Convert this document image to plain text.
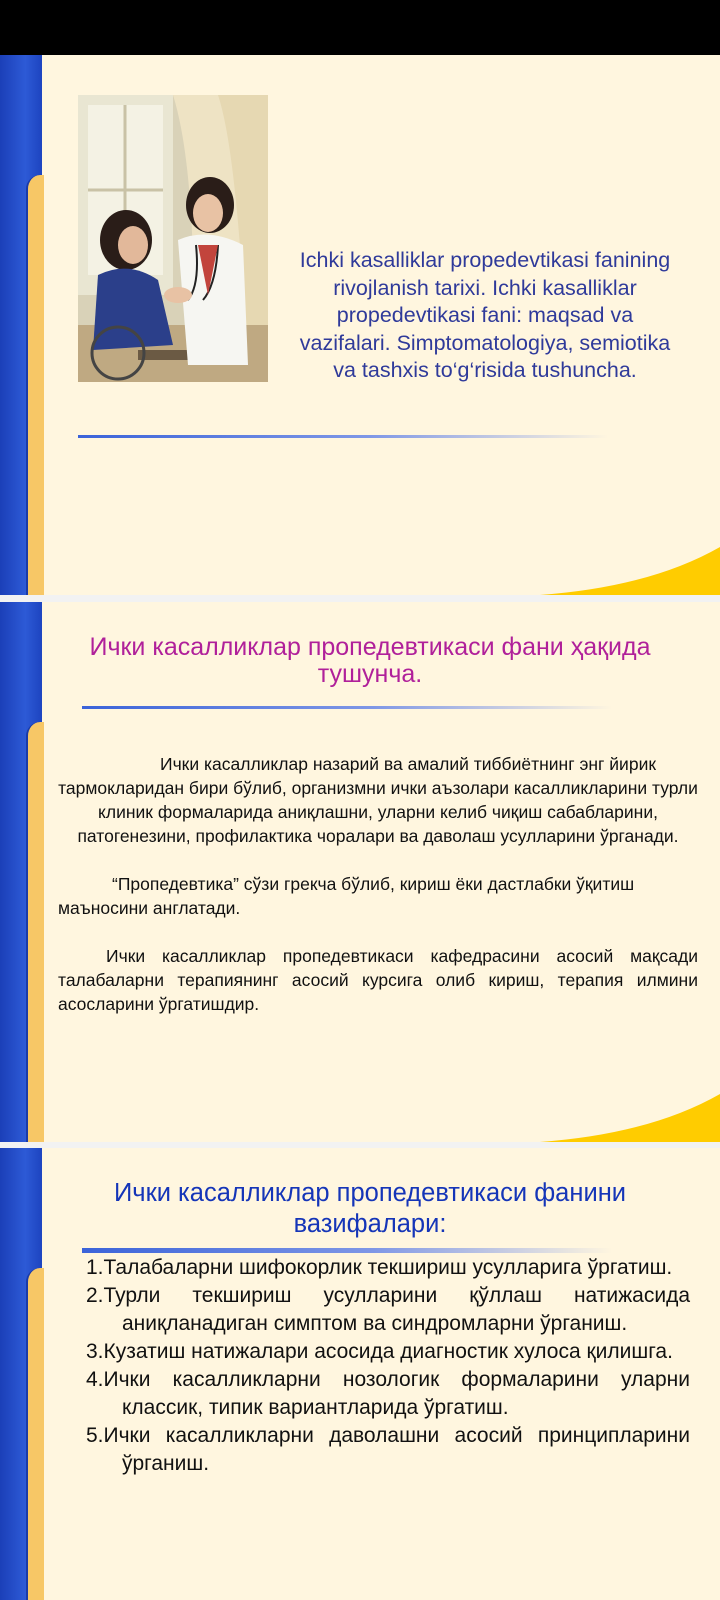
Ichki kasalliklar propedevtikasi fanining rivojlanish tarixi. Ichki kasalliklar propedevtikasi fani: maqsad va vazifalari. Simptomatologiya, semiotika va tashxis to‘g‘risida tushuncha.
Ички касалликлар пропедевтикаси фани ҳақида тушунча.

Ички касалликлар назарий ва амалий тиббиётнинг энг йирик тармокларидан бири бўлиб, организмни ички аъзолари касалликларини турли клиник формаларида аниқлашни, уларни келиб чиқиш сабабларини, патогенезини, профилактика чоралари ва даволаш усулларини ўрганади.

“Пропедевтика” сўзи грекча бўлиб, кириш ёки дастлабки ўқитиш маъносини англатади.

Ички касалликлар пропедевтикаси кафедрасини асосий мақсади талабаларни терапиянинг асосий курсига олиб кириш, терапия илмини асосларини ўргатишдир.

Ички касалликлар пропедевтикаси фанини вазифалари:
1.Талабаларни шифокорлик текшириш усулларига ўргатиш.
2.Турли текшириш усулларини қўллаш натижасида аниқланадиган симптом ва синдромларни ўрганиш.
3.Кузатиш натижалари асосида диагностик хулоса қилишга.
4.Ички касалликларни нозологик формаларини уларни классик, типик вариантларида ўргатиш.
5.Ички касалликларни даволашни асосий принципларини ўрганиш.
